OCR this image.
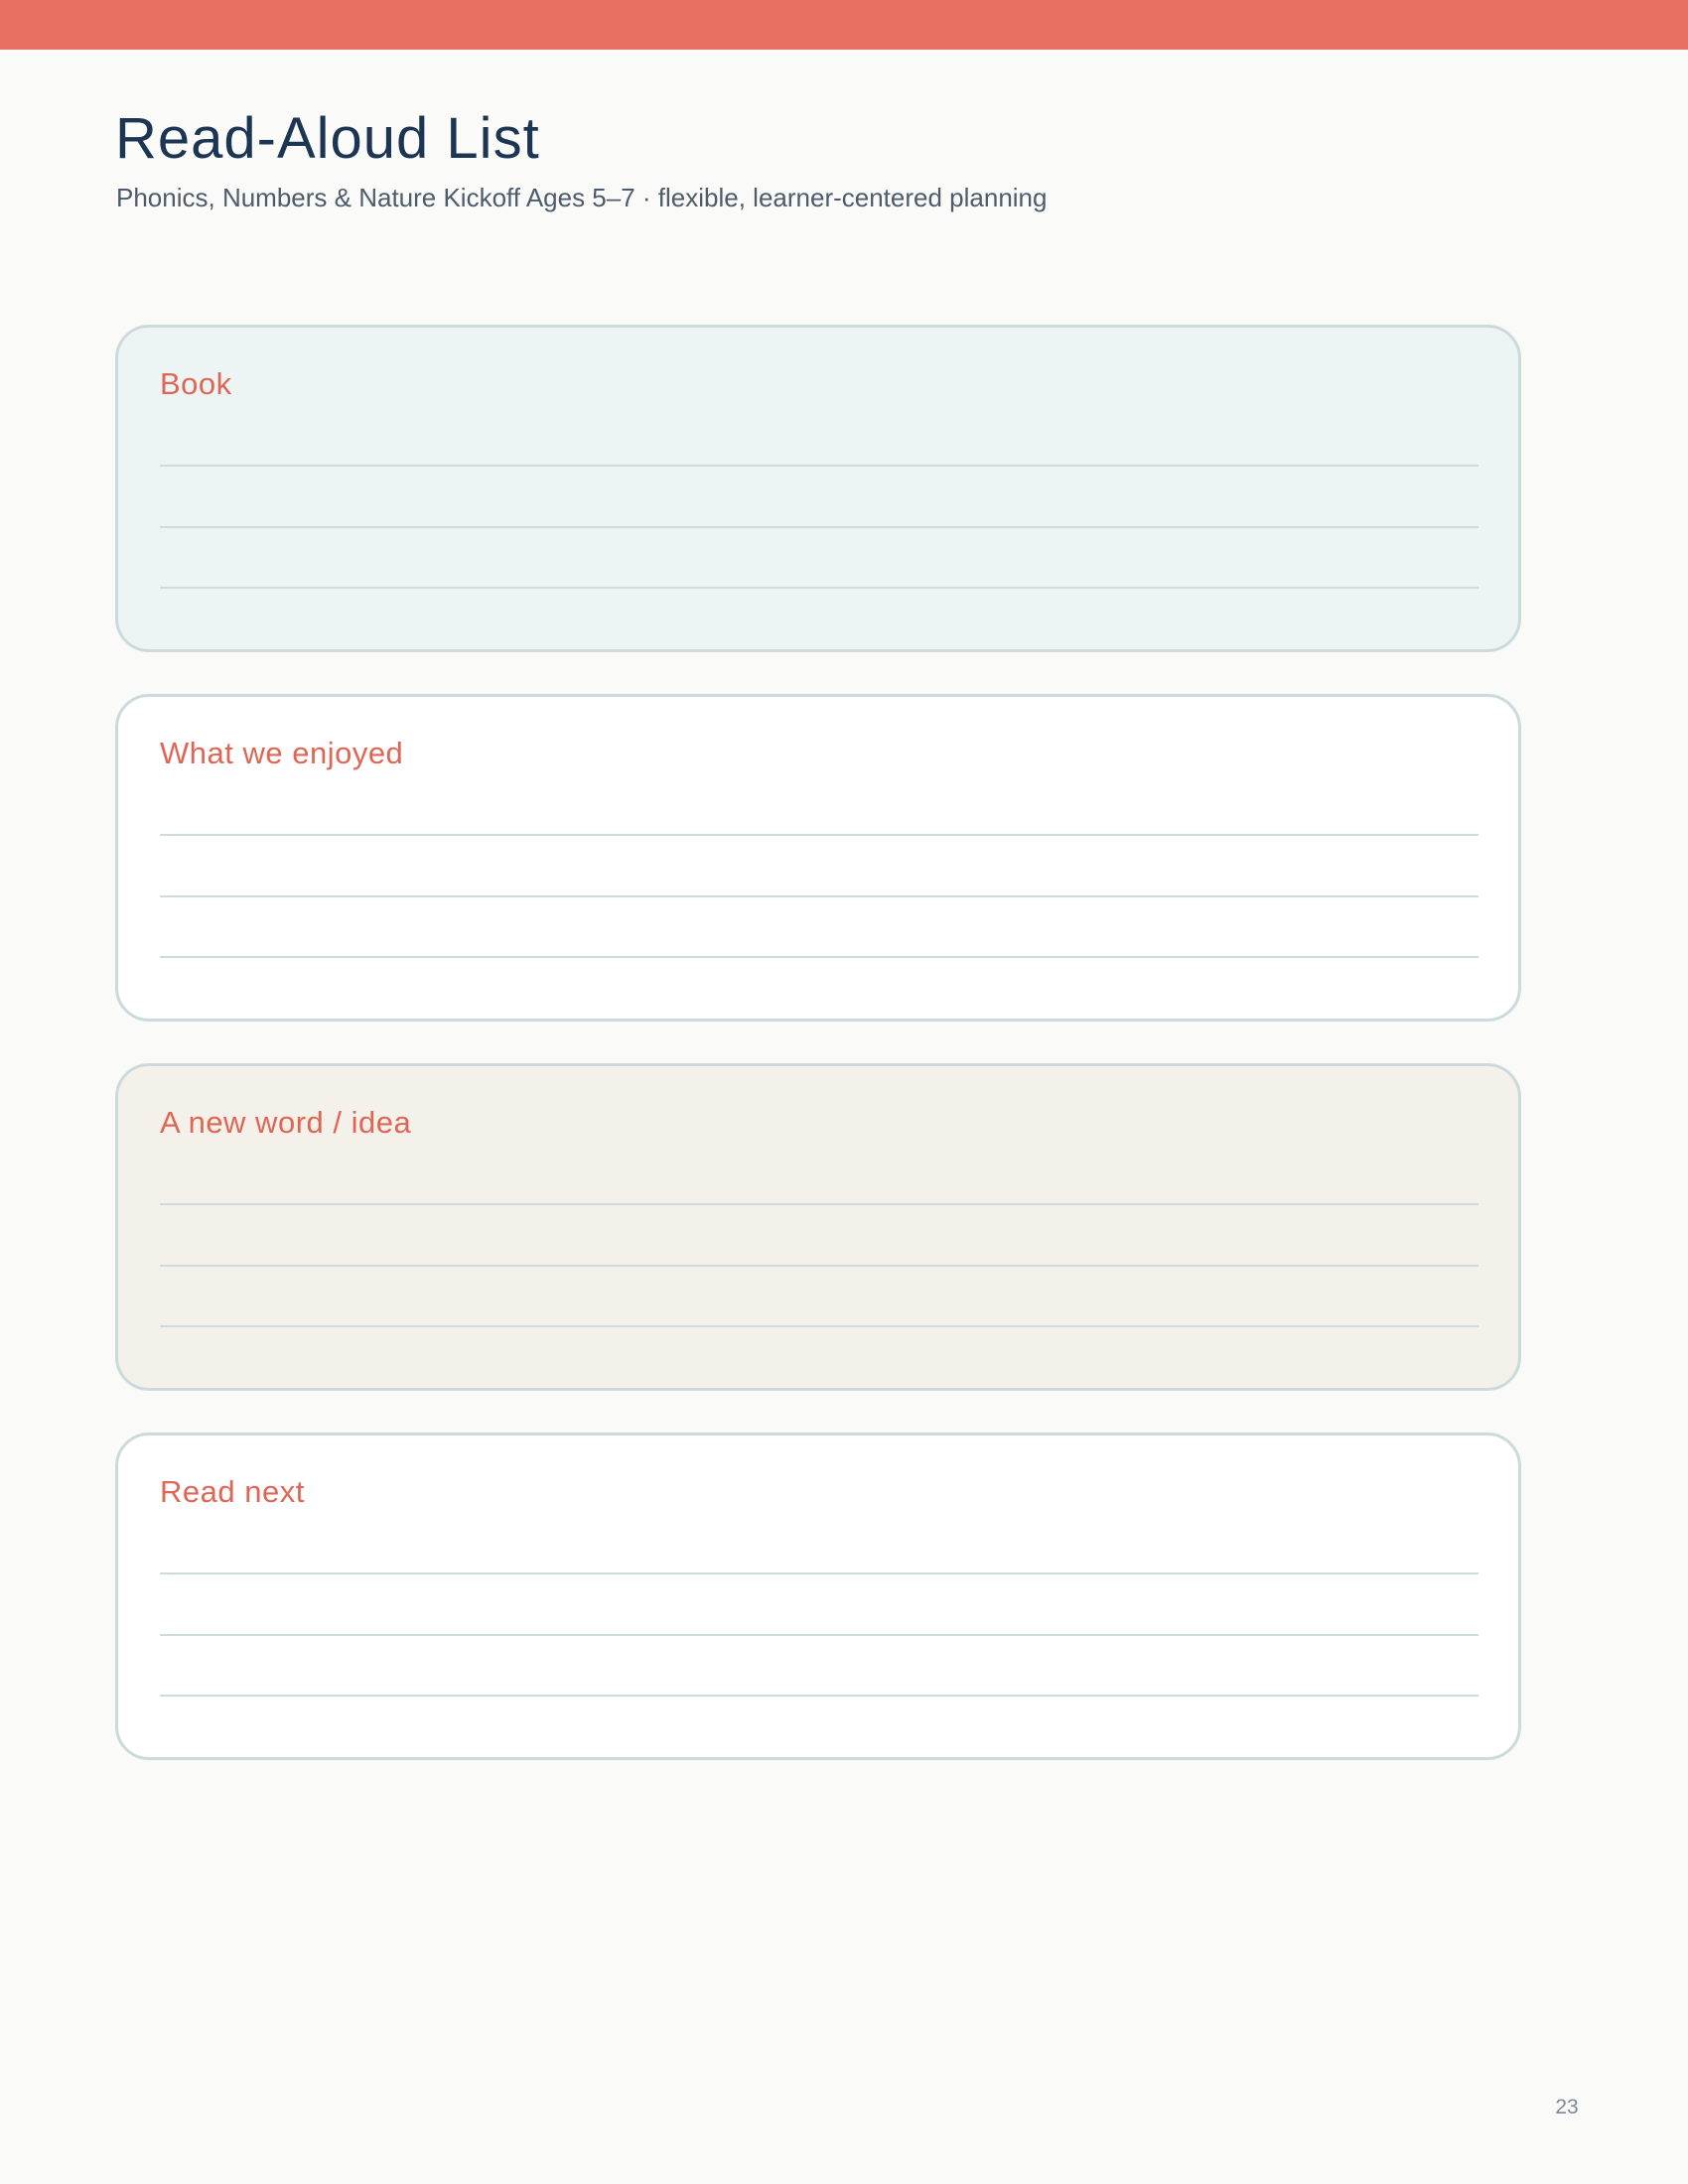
Read-Aloud List

Phonics, Numbers & Nature Kickoff Ages 5–7 · flexible, learner-centered planning

Book
What we enjoyed
A new word / idea
Read next
23
